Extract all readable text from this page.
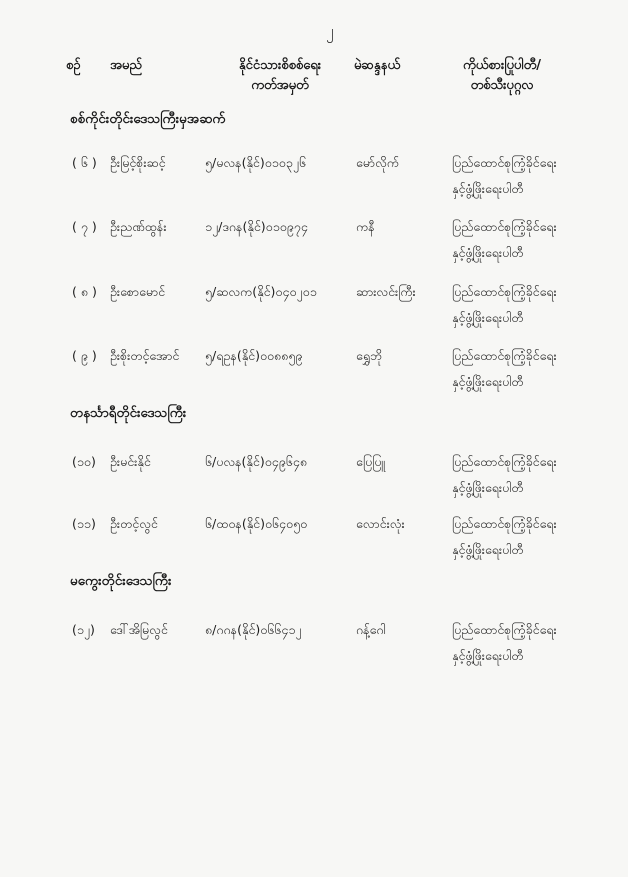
၂
စဉ် အမည်	နိုင်ငံသားစိစစ်ရေး
ကတ်အမှတ်
မဲဆန္ဒနယ်	ကိုယ်စားပြုပါတီ/
တစ်သီးပုဂ္ဂလ
စစ်ကိုင်းတိုင်းဒေသကြီးမှအဆက်
( ၆ ) ဦးမြင့်စိုးဆင့်	၅/မလန(နိုင်)၀၁၀၃၂၆	မော်လိုက်	ပြည်ထောင်စုကြံ့ခိုင်ရေး
နှင့်ဖွံ့ဖြိုးရေးပါတီ
( ၇ ) ဦးညဏ်ထွန်း	၁၂/ဒဂန(နိုင်)၀၁၀၉၇၄	ကနီ	ပြည်ထောင်စုကြံ့ခိုင်ရေး
နှင့်ဖွံ့ဖြိုးရေးပါတီ
( ၈ ) ဦးစောမောင်	၅/ဆလက(နိုင်)၀၄၀၂၀၁	ဆားလင်းကြီး	ပြည်ထောင်စုကြံ့ခိုင်ရေး
နှင့်ဖွံ့ဖြိုးရေးပါတီ
( ၉ ) ဦးစိုးတင့်အောင် ၅/ရဥန(နိုင်)၀၀၈၈၅၉	ရွှေဘို	ပြည်ထောင်စုကြံ့ခိုင်ရေး
နှင့်ဖွံ့ဖြိုးရေးပါတီ
တနင်္သာရီတိုင်းဒေသကြီး
(၁၀) ဦးမင်းနိုင်	၆/ပလန(နိုင်)၀၄၉၆၄၈	ပြေပြူ	ပြည်ထောင်စုကြံ့ခိုင်ရေး
နှင့်ဖွံ့ဖြိုးရေးပါတီ
(၁၁) ဦးတင့်လွင်	၆/ထဝန(နိုင်)၀၆၄၀၅၀	လောင်းလုံး	ပြည်ထောင်စုကြံ့ခိုင်ရေး
နှင့်ဖွံ့ဖြိုးရေးပါတီ
မကွေးတိုင်းဒေသကြီး
(၁၂) ဒေါ်အိမြလွင်	၈/ဂဂန(နိုင်)၀၆၆၄၁၂	ဂန့်ဂေါ	ပြည်ထောင်စုကြံ့ခိုင်ရေး
နှင့်ဖွံ့ဖြိုးရေးပါတီ
